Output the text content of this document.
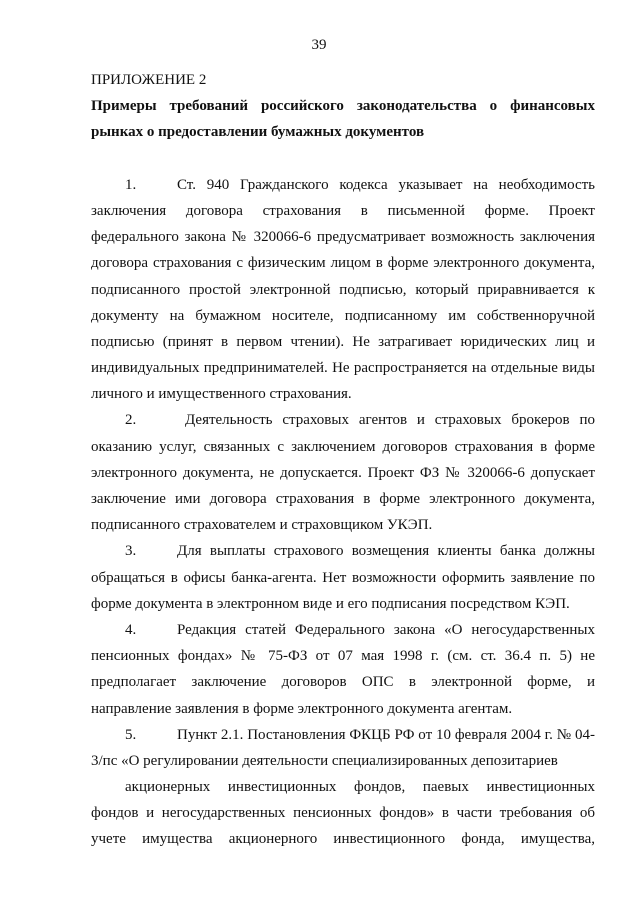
39
ПРИЛОЖЕНИЕ 2
Примеры требований российского законодательства о финансовых
рынках о предоставлении бумажных документов
1.	Ст. 940 Гражданского кодекса указывает на необходимость
заключения договора страхования в письменной форме. Проект
федерального закона № 320066-6 предусматривает возможность заключения
договора страхования с физическим лицом в форме электронного документа,
подписанного простой электронной подписью, который приравнивается к
документу на бумажном носителе, подписанному им собственноручной
подписью (принят в первом чтении). Не затрагивает юридических лиц и
индивидуальных предпринимателей. Не распространяется на отдельные виды
личного и имущественного страхования.
2.	Деятельность страховых агентов и страховых брокеров по
оказанию услуг, связанных с заключением договоров страхования в форме
электронного документа, не допускается. Проект ФЗ № 320066-6 допускает
заключение ими договора страхования в форме электронного документа,
подписанного страхователем и страховщиком УКЭП.
3.	Для выплаты страхового возмещения клиенты банка должны
обращаться в офисы банка-агента. Нет возможности оформить заявление по
форме документа в электронном виде и его подписания посредством КЭП.
4.	Редакция статей Федерального закона «О негосударственных
пенсионных фондах» № 75-ФЗ от 07 мая 1998 г. (см. ст. 36.4 п. 5) не
предполагает заключение договоров ОПС в электронной форме, и
направление заявления в форме электронного документа агентам.
5.	Пункт 2.1. Постановления ФКЦБ РФ от 10 февраля 2004 г. № 04-
3/пс «О регулировании деятельности специализированных депозитариев
акционерных инвестиционных фондов, паевых инвестиционных
фондов и негосударственных пенсионных фондов» в части требования об
учете имущества акционерного инвестиционного фонда, имущества,
